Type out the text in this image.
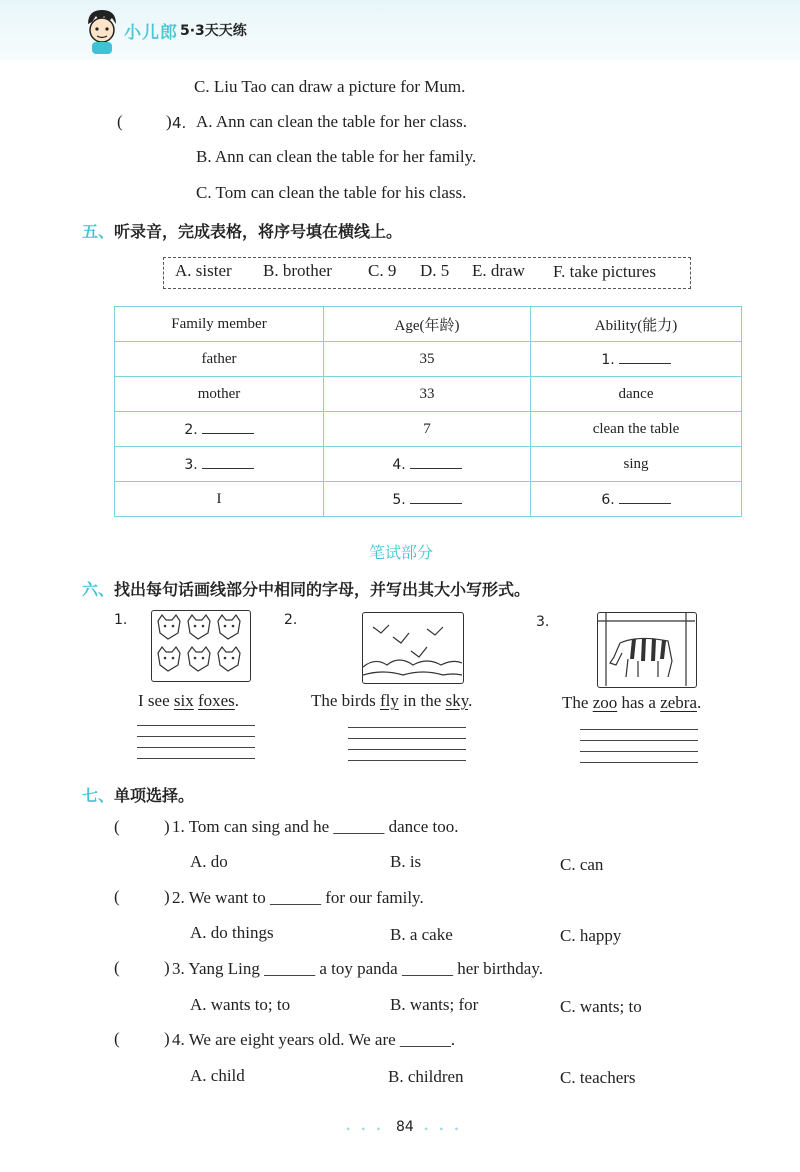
小儿郎 5·3天天练
C. Liu Tao can draw a picture for Mum.
(	) 4. A. Ann can clean the table for her class.
B. Ann can clean the table for her family.
C. Tom can clean the table for his class.
五、听录音，完成表格，将序号填在横线上。
A. sister B. brother C. 9 D. 5 E. draw F. take pictures
Family member	Age(年龄)	Ability(能力)
father	35	1.
mother	33	dance
2.	7	clean the table
3.	4.	sing
I	5.	6.
笔试部分
六、找出每句话画线部分中相同的字母，并写出其大小写形式。
1.
I see six foxes.
2.
The birds fly in the sky.
3.
The zoo has a zebra.
七、单项选择。
(	) 1. Tom can sing and he ______ dance too.
A. do	B. is	C. can
(	) 2. We want to ______ for our family.
A. do things	B. a cake	C. happy
(	) 3. Yang Ling ______ a toy panda ______ her birthday.
A. wants to; to	B. wants; for	C. wants; to
(	) 4. We are eight years old. We are ______.
A. child	B. children	C. teachers
• • • 84 • • •
